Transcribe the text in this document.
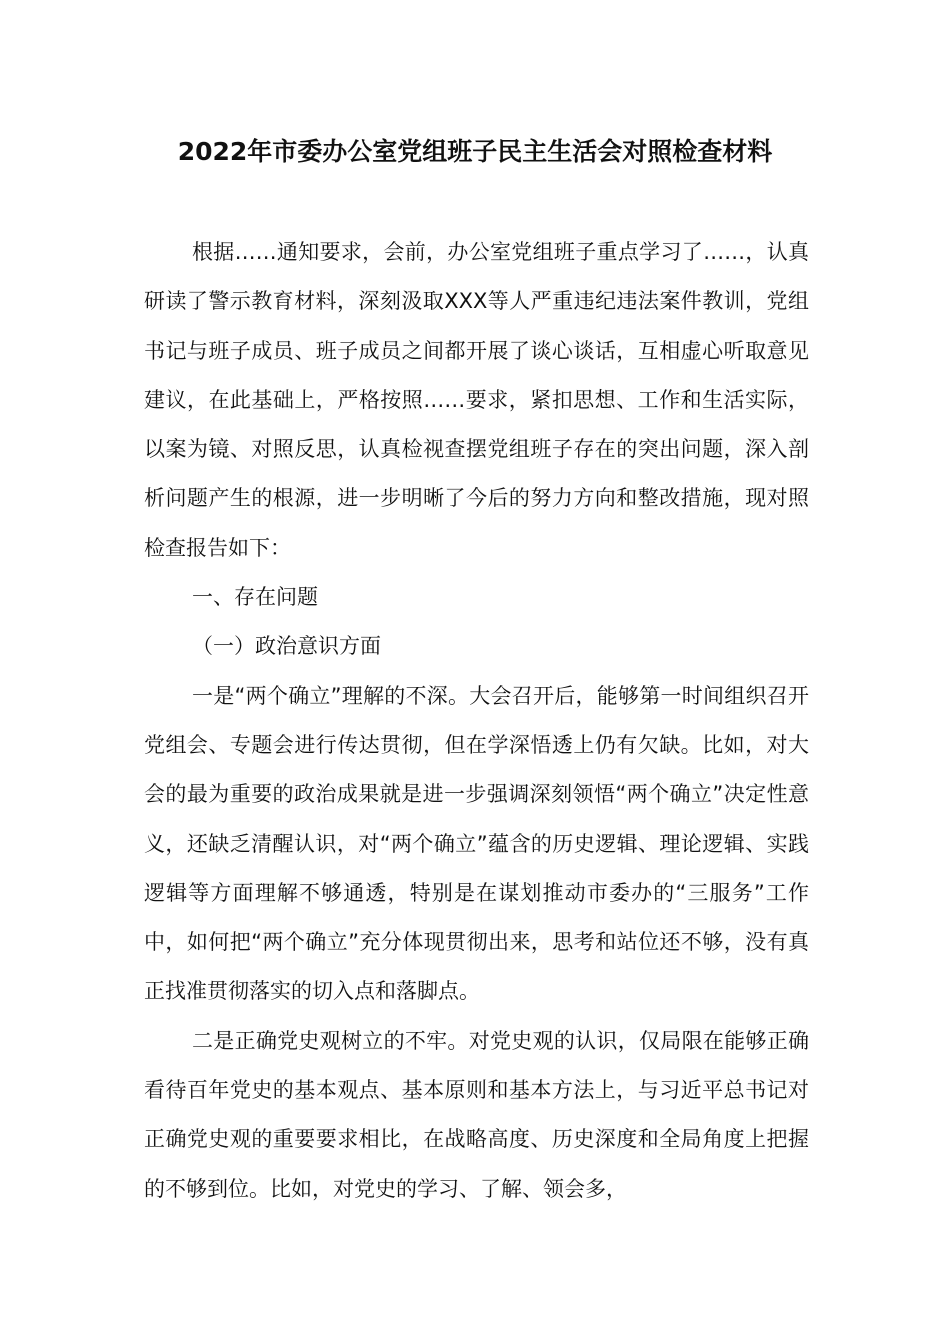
2022年市委办公室党组班子民主生活会对照检查材料

根据……通知要求，会前，办公室党组班子重点学习了……，认真研读了警示教育材料，深刻汲取XXX等人严重违纪违法案件教训，党组书记与班子成员、班子成员之间都开展了谈心谈话，互相虚心听取意见建议，在此基础上，严格按照……要求，紧扣思想、工作和生活实际，以案为镜、对照反思，认真检视查摆党组班子存在的突出问题，深入剖析问题产生的根源，进一步明晰了今后的努力方向和整改措施，现对照检查报告如下：

一、存在问题

（一）政治意识方面

一是“两个确立”理解的不深。大会召开后，能够第一时间组织召开党组会、专题会进行传达贯彻，但在学深悟透上仍有欠缺。比如，对大会的最为重要的政治成果就是进一步强调深刻领悟“两个确立”决定性意义，还缺乏清醒认识，对“两个确立”蕴含的历史逻辑、理论逻辑、实践逻辑等方面理解不够通透，特别是在谋划推动市委办的“三服务”工作中，如何把“两个确立”充分体现贯彻出来，思考和站位还不够，没有真正找准贯彻落实的切入点和落脚点。

二是正确党史观树立的不牢。对党史观的认识，仅局限在能够正确看待百年党史的基本观点、基本原则和基本方法上，与习近平总书记对正确党史观的重要要求相比，在战略高度、历史深度和全局角度上把握的不够到位。比如，对党史的学习、了解、领会多，
